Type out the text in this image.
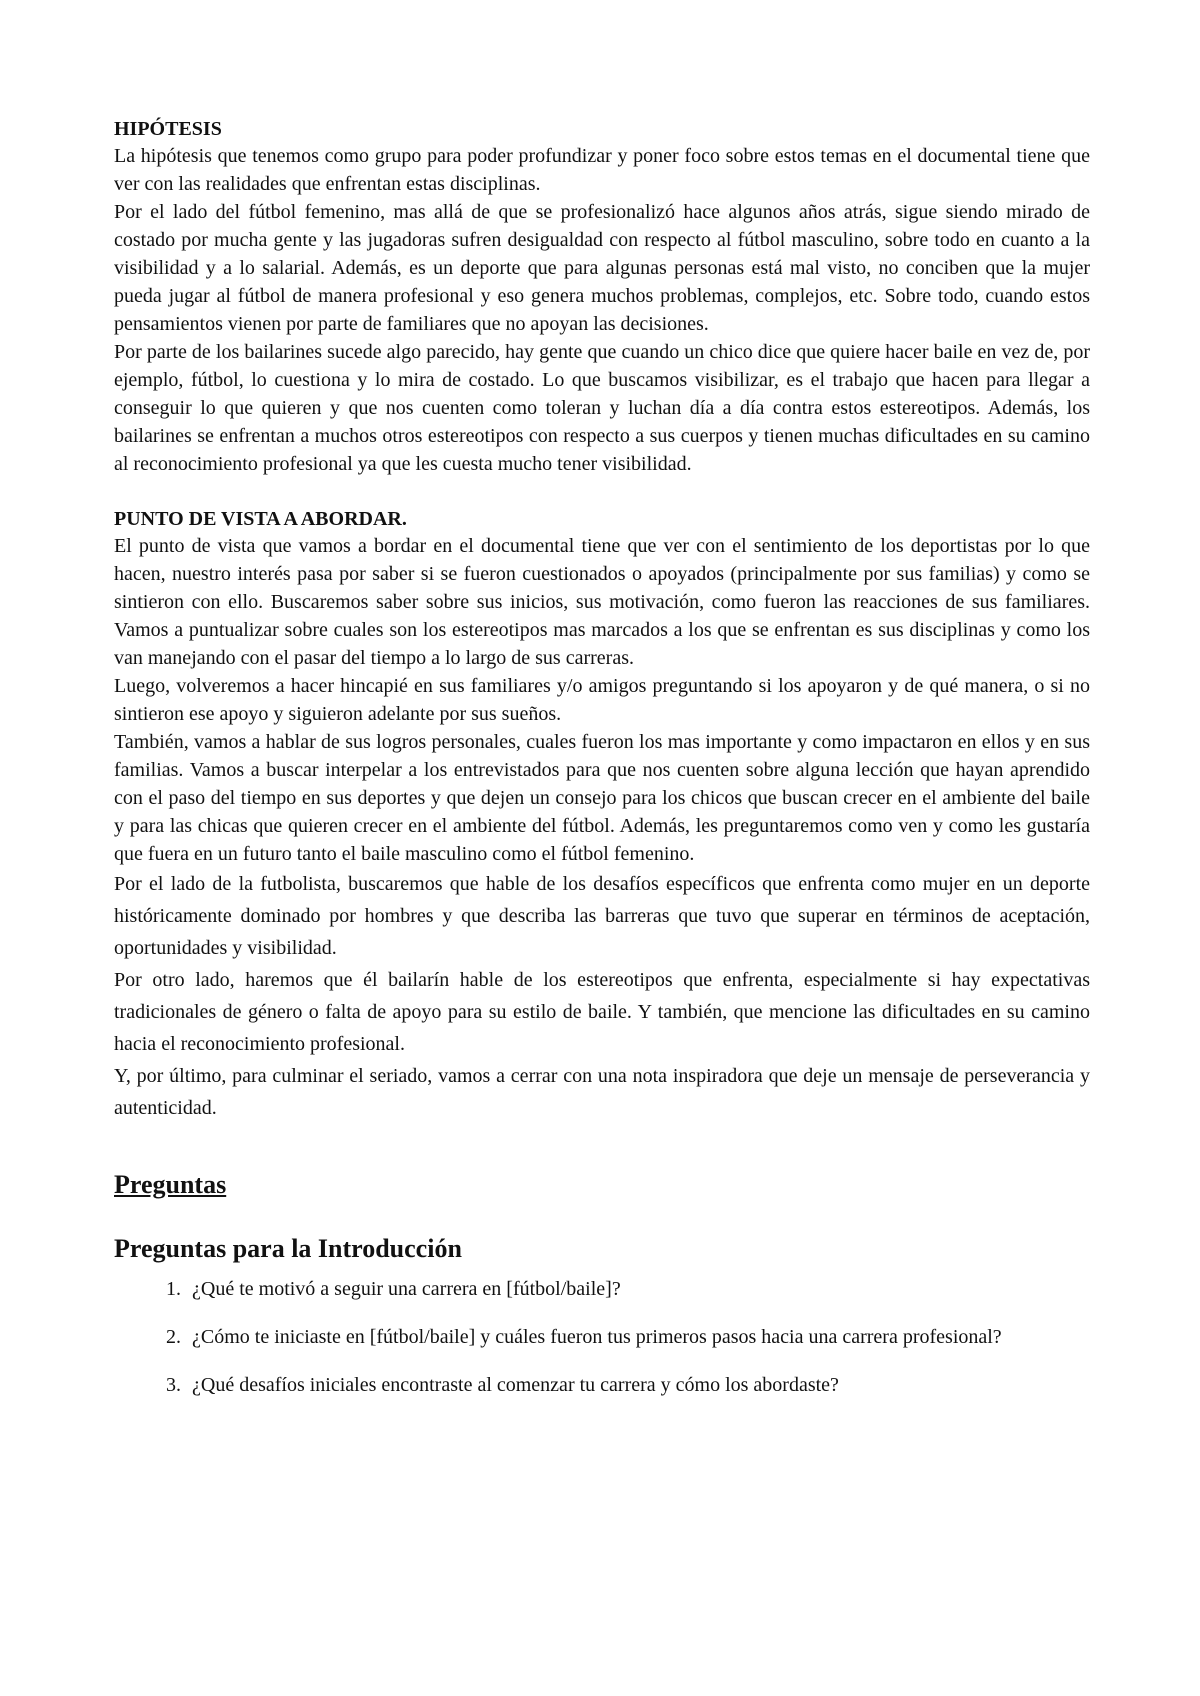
HIPÓTESIS

La hipótesis que tenemos como grupo para poder profundizar y poner foco sobre estos temas en el documental tiene que ver con las realidades que enfrentan estas disciplinas.

Por el lado del fútbol femenino, mas allá de que se profesionalizó hace algunos años atrás, sigue siendo mirado de costado por mucha gente y las jugadoras sufren desigualdad con respecto al fútbol masculino, sobre todo en cuanto a la visibilidad y a lo salarial. Además, es un deporte que para algunas personas está mal visto, no conciben que la mujer pueda jugar al fútbol de manera profesional y eso genera muchos problemas, complejos, etc. Sobre todo, cuando estos pensamientos vienen por parte de familiares que no apoyan las decisiones.

Por parte de los bailarines sucede algo parecido, hay gente que cuando un chico dice que quiere hacer baile en vez de, por ejemplo, fútbol, lo cuestiona y lo mira de costado. Lo que buscamos visibilizar, es el trabajo que hacen para llegar a conseguir lo que quieren y que nos cuenten como toleran y luchan día a día contra estos estereotipos. Además, los bailarines se enfrentan a muchos otros estereotipos con respecto a sus cuerpos y tienen muchas dificultades en su camino al reconocimiento profesional ya que les cuesta mucho tener visibilidad.

PUNTO DE VISTA A ABORDAR.

El punto de vista que vamos a bordar en el documental tiene que ver con el sentimiento de los deportistas por lo que hacen, nuestro interés pasa por saber si se fueron cuestionados o apoyados (principalmente por sus familias) y como se sintieron con ello. Buscaremos saber sobre sus inicios, sus motivación, como fueron las reacciones de sus familiares. Vamos a puntualizar sobre cuales son los estereotipos mas marcados a los que se enfrentan es sus disciplinas y como los van manejando con el pasar del tiempo a lo largo de sus carreras.

Luego, volveremos a hacer hincapié en sus familiares y/o amigos preguntando si los apoyaron y de qué manera, o si no sintieron ese apoyo y siguieron adelante por sus sueños.

También, vamos a hablar de sus logros personales, cuales fueron los mas importante y como impactaron en ellos y en sus familias. Vamos a buscar interpelar a los entrevistados para que nos cuenten sobre alguna lección que hayan aprendido con el paso del tiempo en sus deportes y que dejen un consejo para los chicos que buscan crecer en el ambiente del baile y para las chicas que quieren crecer en el ambiente del fútbol. Además, les preguntaremos como ven y como les gustaría que fuera en un futuro tanto el baile masculino como el fútbol femenino.

Por el lado de la futbolista, buscaremos que hable de los desafíos específicos que enfrenta como mujer en un deporte históricamente dominado por hombres y que describa las barreras que tuvo que superar en términos de aceptación, oportunidades y visibilidad.

Por otro lado, haremos que él bailarín hable de los estereotipos que enfrenta, especialmente si hay expectativas tradicionales de género o falta de apoyo para su estilo de baile. Y también, que mencione las dificultades en su camino hacia el reconocimiento profesional.

Y, por último, para culminar el seriado, vamos a cerrar con una nota inspiradora que deje un mensaje de perseverancia y autenticidad.

Preguntas
Preguntas para la Introducción
1. ¿Qué te motivó a seguir una carrera en [fútbol/baile]?
2. ¿Cómo te iniciaste en [fútbol/baile] y cuáles fueron tus primeros pasos hacia una carrera profesional?
3. ¿Qué desafíos iniciales encontraste al comenzar tu carrera y cómo los abordaste?
